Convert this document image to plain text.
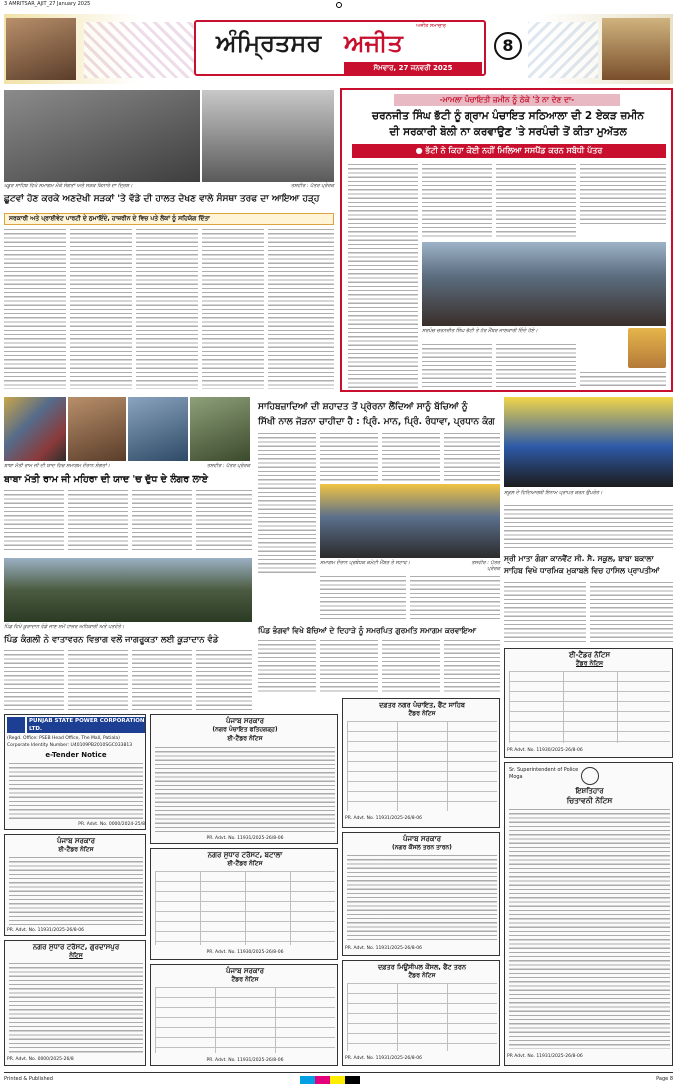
3 AMRITSAR_AJIT_27 January 2025
ਅੰਮ੍ਰਿਤਸਰ ਅਜੀਤ
ਅਜੀਤ ਸਮਾਚਾਰ
ਸੋਮਵਾਰ, 27 ਜਨਵਰੀ 2025
8
ਖਡੂਰ ਸਾਹਿਬ ਵਿਖੇ ਸਮਾਗਮ ਮੌਕੇ ਸੰਗਤਾਂ ਅਤੇ ਸੜਕ ਕਿਨਾਰੇ ਦਾ ਦ੍ਰਿਸ਼।	ਤਸਵੀਰ : ਪੱਤਰ ਪ੍ਰੇਰਕ
ਛੂਟਵਾਂ ਹੋਣ ਕਰਕੇ ਅਣਦੇਖੀ ਸੜਕਾਂ 'ਤੇ ਵੱਡੇ ਦੀ ਹਾਲਤ ਦੇਖਣ ਵਾਲੇ ਸੰਸਥਾ ਤਰਫ ਦਾ ਆਇਆ ਹੜ੍ਹ
ਸਰਕਾਰੀ ਅਤੇ ਪ੍ਰਾਈਵੇਟ ਪਾਰਟੀ ਦੇ ਨੁਮਾਇੰਦੇ, ਹਾਜ਼ਰੀਨ ਦੇ ਵਿਚ ਪਤੇ ਲੋਕਾਂ ਨੂੰ ਸਹਿਯੋਗ ਦਿੱਤਾ
-ਮਾਮਲਾ ਪੰਚਾਇਤੀ ਜ਼ਮੀਨ ਨੂੰ ਠੇਕੇ 'ਤੇ ਨਾ ਦੇਣ ਦਾ-
ਚਰਨਜੀਤ ਸਿੰਘ ਭੱਟੀ ਨੂੰ ਗ੍ਰਾਮ ਪੰਚਾਇਤ ਸਠਿਆਲਾ ਦੀ 2 ਏਕੜ ਜ਼ਮੀਨ
ਦੀ ਸਰਕਾਰੀ ਬੋਲੀ ਨਾ ਕਰਵਾਉਣ 'ਤੇ ਸਰਪੰਚੀ ਤੋਂ ਕੀਤਾ ਮੁਅੱਤਲ
● ਭੱਟੀ ਨੇ ਕਿਹਾ ਕੋਈ ਨਹੀਂ ਮਿਲਿਆ ਸਸਪੈਂਡ ਕਰਨ ਸਬੰਧੀ ਪੱਤਰ
ਸਰਪੰਚ ਚਰਨਜੀਤ ਸਿੰਘ ਭੱਟੀ ਤੇ ਹੋਰ ਮੈਂਬਰ ਜਾਣਕਾਰੀ ਦਿੰਦੇ ਹੋਏ।
ਬਾਬਾ ਮੱਤੀ ਰਾਮ ਜੀ ਦੀ ਯਾਦ ਵਿਚ ਸਮਾਗਮ ਦੌਰਾਨ ਸੰਗਤਾਂ।	ਤਸਵੀਰ : ਪੱਤਰ ਪ੍ਰੇਰਕ
ਬਾਬਾ ਮੱਤੀ ਰਾਮ ਜੀ ਮਹਿਰਾ ਦੀ ਯਾਦ 'ਚ ਦੁੱਧ ਦੇ ਲੰਗਰ ਲਾਏ
ਸਾਹਿਬਜ਼ਾਦਿਆਂ ਦੀ ਸ਼ਹਾਦਤ ਤੋਂ ਪ੍ਰੇਰਨਾ ਲੈਂਦਿਆਂ ਸਾਨੂੰ ਬੱਚਿਆਂ ਨੂੰ
ਸਿੱਖੀ ਨਾਲ ਜੋੜਨਾ ਚਾਹੀਦਾ ਹੈ : ਪ੍ਰਿੰ. ਮਾਨ, ਪ੍ਰਿੰ. ਰੰਧਾਵਾ, ਪ੍ਰਧਾਨ ਕੰਗ
ਸਮਾਗਮ ਦੌਰਾਨ ਪ੍ਰਬੰਧਕ ਕਮੇਟੀ ਮੈਂਬਰ ਤੇ ਸਟਾਫ।	ਤਸਵੀਰ : ਪੱਤਰ ਪ੍ਰੇਰਕ
ਸਕੂਲ ਦੇ ਵਿਦਿਆਰਥੀ ਇਨਾਮ ਪ੍ਰਾਪਤ ਕਰਨ ਉਪਰੰਤ।
ਸ੍ਰੀ ਮਾਤਾ ਗੰਗਾ ਕਾਨਵੈਂਟ ਸੀ. ਸੈ. ਸਕੂਲ, ਬਾਬਾ ਬਕਾਲਾ ਸਾਹਿਬ ਵਿਖੇ ਧਾਰਮਿਕ ਮੁਕਾਬਲੇ ਵਿਚ ਹਾਸਿਲ ਪ੍ਰਾਪਤੀਆਂ
ਪਿੰਡ ਵਿਖੇ ਕੂੜਾਦਾਨ ਵੰਡੇ ਜਾਣ ਸਮੇਂ ਹਾਜ਼ਰ ਅਧਿਕਾਰੀ ਅਤੇ ਪਤਵੰਤੇ।
ਪਿੰਡ ਕੰਗਲੀ ਨੇ ਵਾਤਾਵਰਨ ਵਿਭਾਗ ਵਲੋਂ ਜਾਗਰੂਕਤਾ ਲਈ ਕੂੜਾਦਾਨ ਵੰਡੇ
ਪਿੰਡ ਭੰਗਵਾਂ ਵਿਖੇ ਬੱਚਿਆਂ ਦੇ ਦਿਹਾੜੇ ਨੂੰ ਸਮਰਪਿਤ ਗੁਰਮਤਿ ਸਮਾਗਮ ਕਰਵਾਇਆ
PUNJAB STATE POWER CORPORATION LTD.
(Regd. Office: PSEB Head Office, The Mall, Patiala)
Corporate Identity Number: U40109PB2010SGC033813
e-Tender Notice
PR. Advt. No. 0000/2024-25/8
ਪੰਜਾਬ ਸਰਕਾਰ
ਈ-ਟੈਂਡਰ ਨੋਟਿਸ
PR. Advt. No. 11931/2025-26/8-06
ਨਗਰ ਸੁਧਾਰ ਟਰੱਸਟ, ਗੁਰਦਾਸਪੁਰ
ਨੋਟਿਸ
PR. Advt. No. 0000/2025-26/8
ਪੰਜਾਬ ਸਰਕਾਰ
(ਨਗਰ ਪੰਚਾਇਤ ਫਤਿਹਗੜ੍ਹ)
ਈ-ਟੈਂਡਰ ਨੋਟਿਸ
PR. Advt. No. 11931/2025-26/8-06
ਨਗਰ ਸੁਧਾਰ ਟਰੱਸਟ, ਬਟਾਲਾ
ਈ-ਟੈਂਡਰ ਨੋਟਿਸ
PR. Advt. No. 11930/2025-26/8-06
ਪੰਜਾਬ ਸਰਕਾਰ
ਟੈਂਡਰ ਨੋਟਿਸ
PR. Advt. No. 11931/2025-26/8-06
ਦਫ਼ਤਰ ਨਗਰ ਪੰਚਾਇਤ, ਫੈਂਟ ਸਾਹਿਬ
ਟੈਂਡਰ ਨੋਟਿਸ
PR. Advt. No. 11931/2025-26/8-06
ਪੰਜਾਬ ਸਰਕਾਰ
(ਨਗਰ ਕੌਂਸਲ ਤਰਨ ਤਾਰਨ)
PR. Advt. No. 11931/2025-26/8-06
ਦਫ਼ਤਰ ਮਿਊਂਸੀਪਲ ਕੌਂਸਲ, ਫੈਂਟ ਤਰਨ
ਟੈਂਡਰ ਨੋਟਿਸ
PR. Advt. No. 11931/2025-26/8-06
ਈ-ਟੈਂਡਰ ਨੋਟਿਸ
ਟੈਂਡਰ ਨੋਟਿਸ
PR Advt. No. 11930/2025-26/8-06
Sr. Superintendent of Police
Moga
ਇਸ਼ਤਿਹਾਰ
ਚਿਤਾਵਨੀ ਨੋਟਿਸ
PR Advt. No. 11931/2025-26/8-06
Printed & Published	Page 8
